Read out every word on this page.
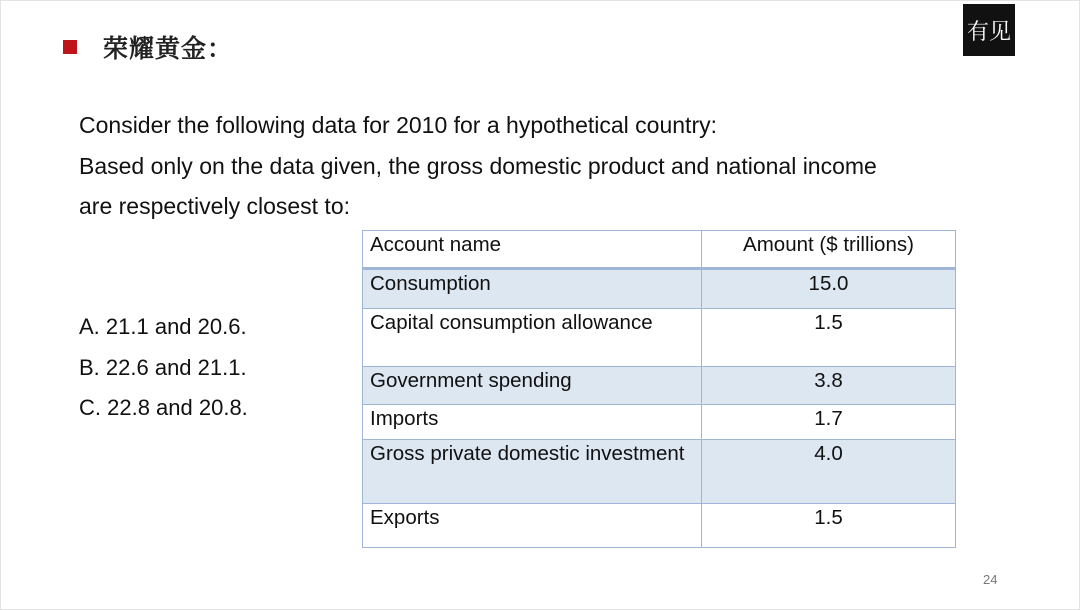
荣耀黄金：
有见
Consider the following data for 2010 for a hypothetical country:
Based only on the data given, the gross domestic product and national income
are respectively closest to:
A. 21.1 and 20.6.
B. 22.6 and 21.1.
C. 22.8 and 20.8.
Account name	Amount ($ trillions)
Consumption	15.0
Capital consumption allowance	1.5
Government spending	3.8
Imports	1.7
Gross private domestic investment	4.0
Exports	1.5
24
